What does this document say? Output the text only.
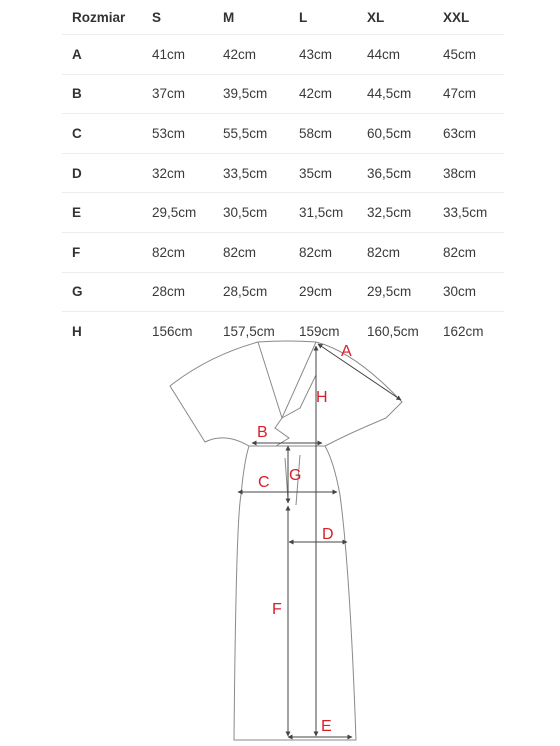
Rozmiar	S	M	L	XL	XXL
A	41cm	42cm	43cm	44cm	45cm
B	37cm	39,5cm	42cm	44,5cm	47cm
C	53cm	55,5cm	58cm	60,5cm	63cm
D	32cm	33,5cm	35cm	36,5cm	38cm
E	29,5cm	30,5cm	31,5cm	32,5cm	33,5cm
F	82cm	82cm	82cm	82cm	82cm
G	28cm	28,5cm	29cm	29,5cm	30cm
H	156cm	157,5cm	159cm	160,5cm	162cm
A
H
B
C G
D
F
E
